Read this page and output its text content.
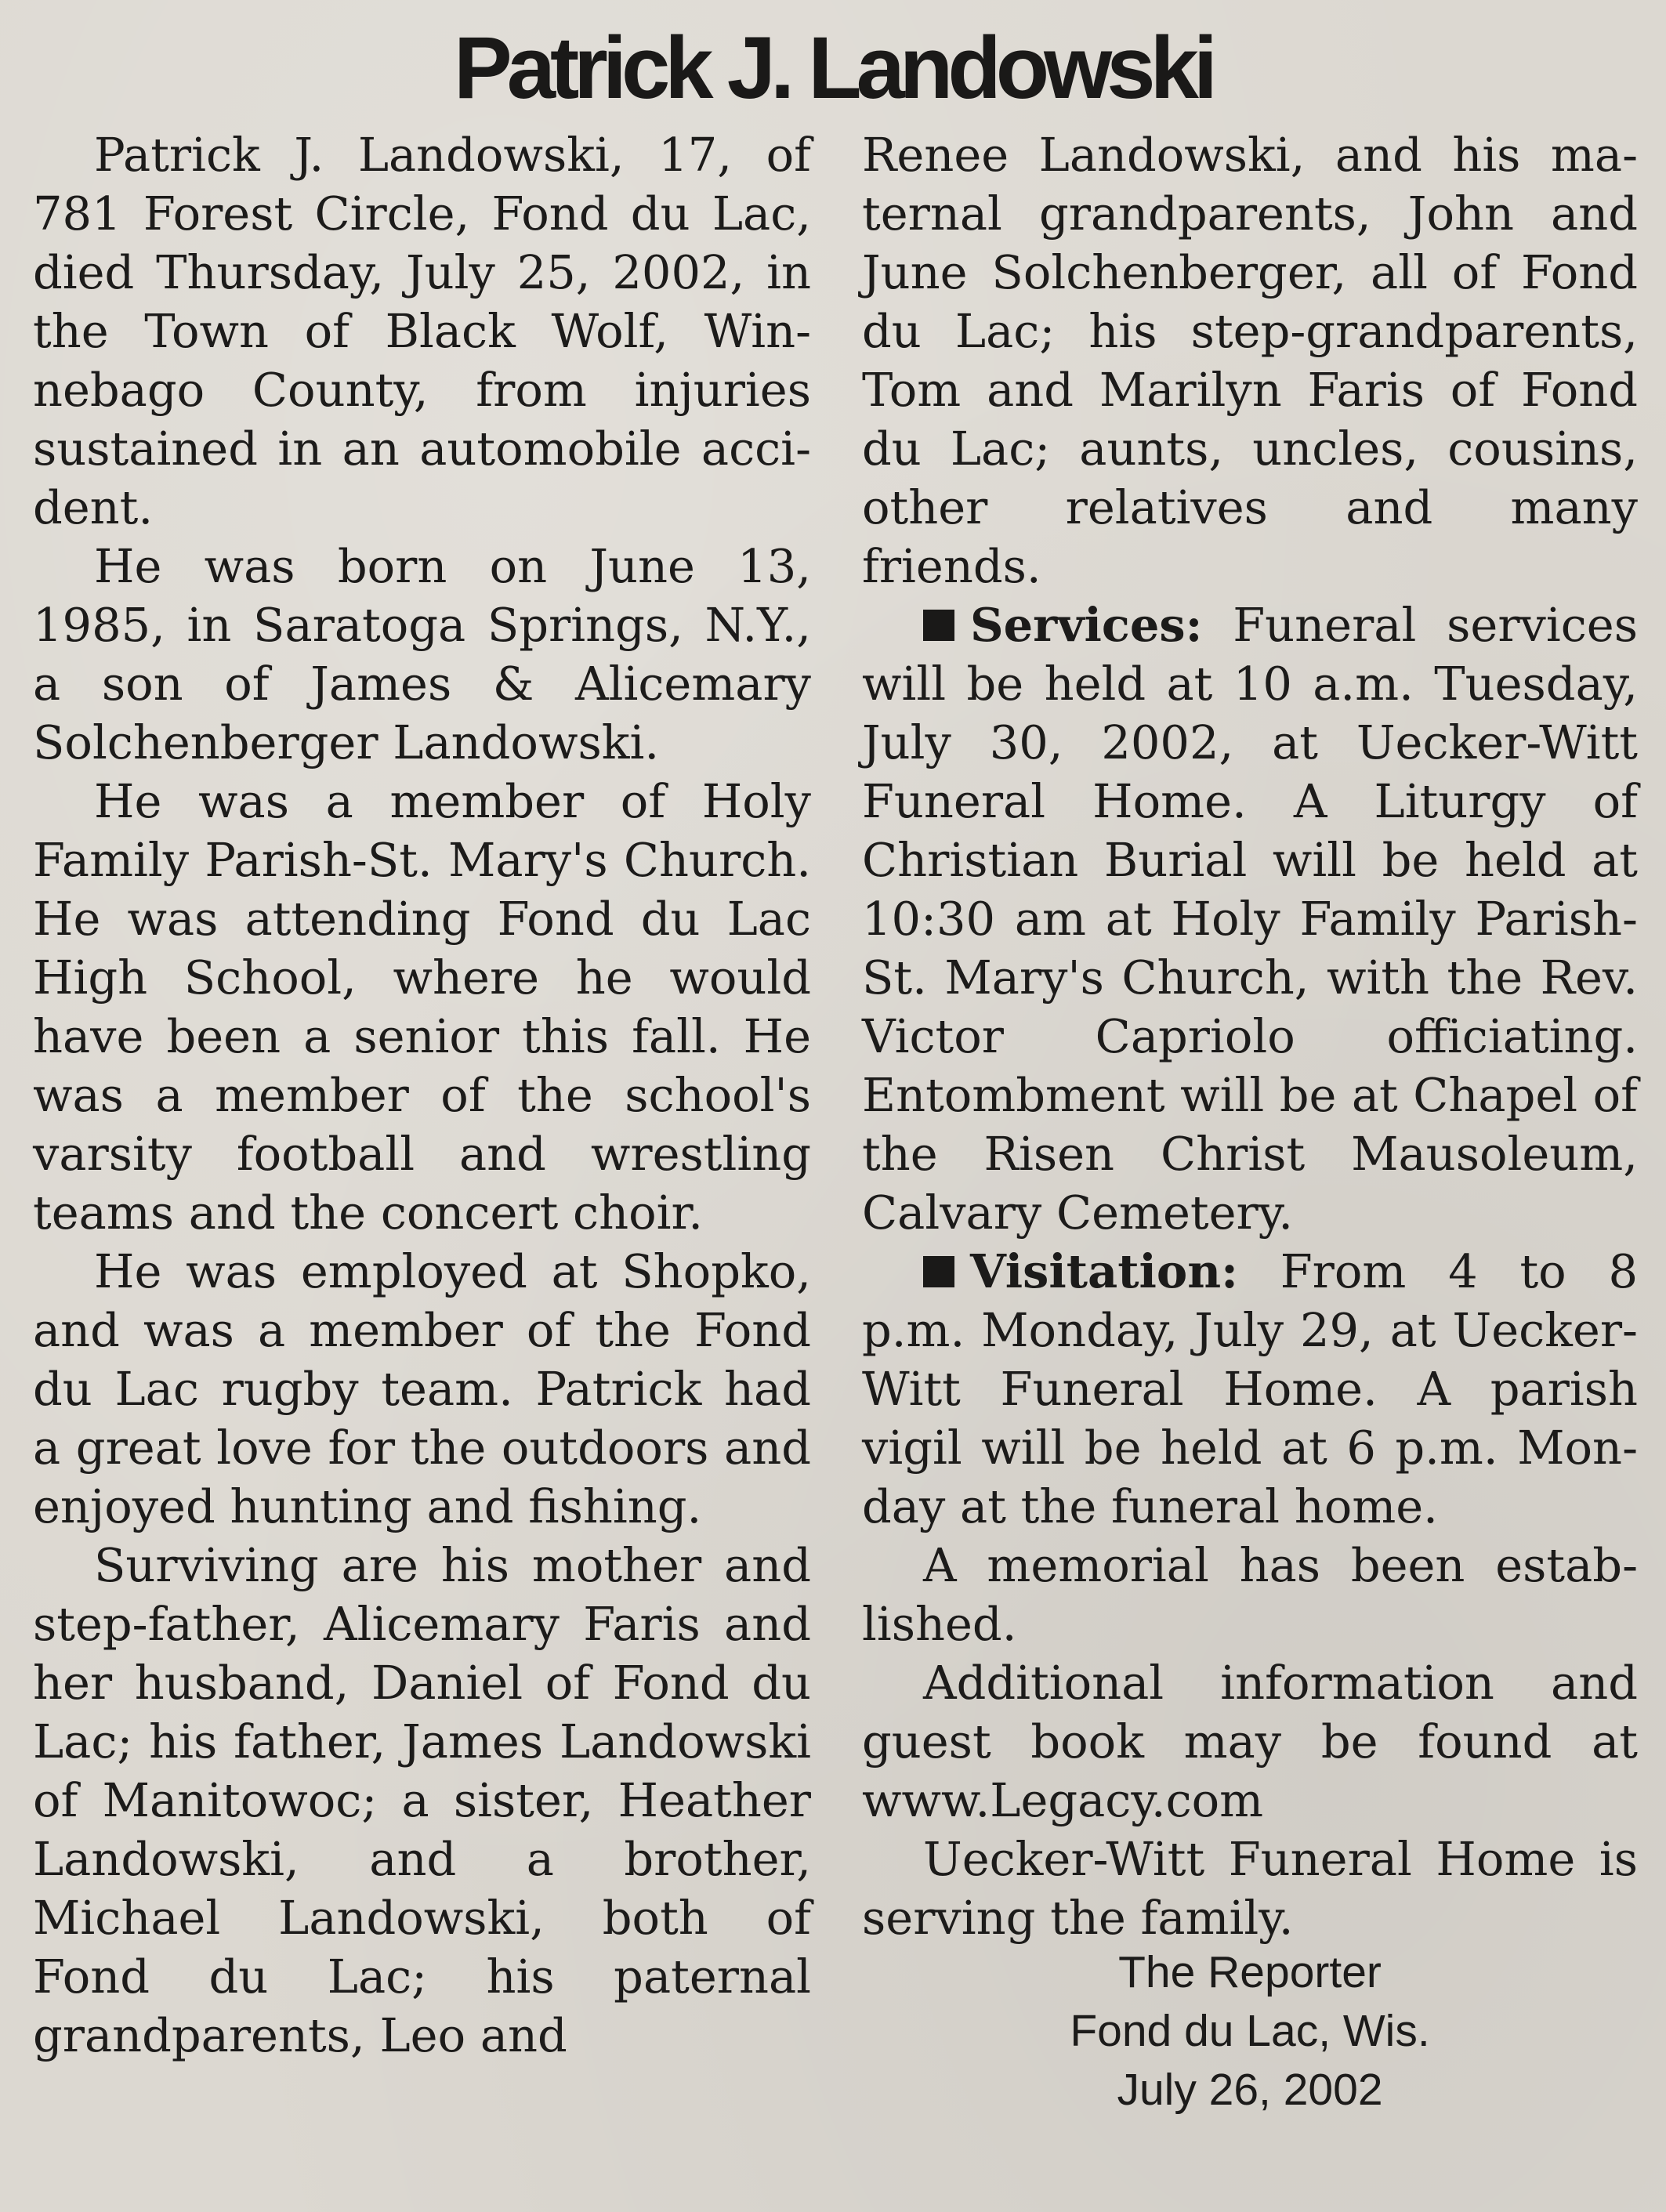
Patrick J. Landowski

Patrick J. Landowski, 17, of 781 Forest Circle, Fond du Lac, died Thursday, July 25, 2002, in the Town of Black Wolf, Winnebago County, from injuries sustained in an automobile accident.

He was born on June 13, 1985, in Saratoga Springs, N.Y., a son of James & Alicemary Solchenberger Landowski.

He was a member of Holy Family Parish-St. Mary's Church. He was attending Fond du Lac High School, where he would have been a senior this fall. He was a member of the school's varsity football and wrestling teams and the concert choir.

He was employed at Shopko, and was a member of the Fond du Lac rugby team. Patrick had a great love for the outdoors and enjoyed hunting and fishing.

Surviving are his mother and step-father, Alicemary Faris and her husband, Daniel of Fond du Lac; his father, James Landowski of Manitowoc; a sister, Heather Landowski, and a brother, Michael Landowski, both of Fond du Lac; his paternal grandparents, Leo and

Renee Landowski, and his maternal grandparents, John and June Solchenberger, all of Fond du Lac; his step-grandparents, Tom and Marilyn Faris of Fond du Lac; aunts, uncles, cousins, other relatives and many friends.

Services: Funeral services will be held at 10 a.m. Tuesday, July 30, 2002, at Uecker-Witt Funeral Home. A Liturgy of Christian Burial will be held at 10:30 am at Holy Family Parish-St. Mary's Church, with the Rev. Victor Capriolo officiating. Entombment will be at Chapel of the Risen Christ Mausoleum, Calvary Cemetery.

Visitation: From 4 to 8 p.m. Monday, July 29, at Uecker-Witt Funeral Home. A parish vigil will be held at 6 p.m. Monday at the funeral home.

A memorial has been established.

Additional information and guest book may be found at www.Legacy.com

Uecker-Witt Funeral Home is serving the family.

The Reporter
Fond du Lac, Wis.
July 26, 2002
